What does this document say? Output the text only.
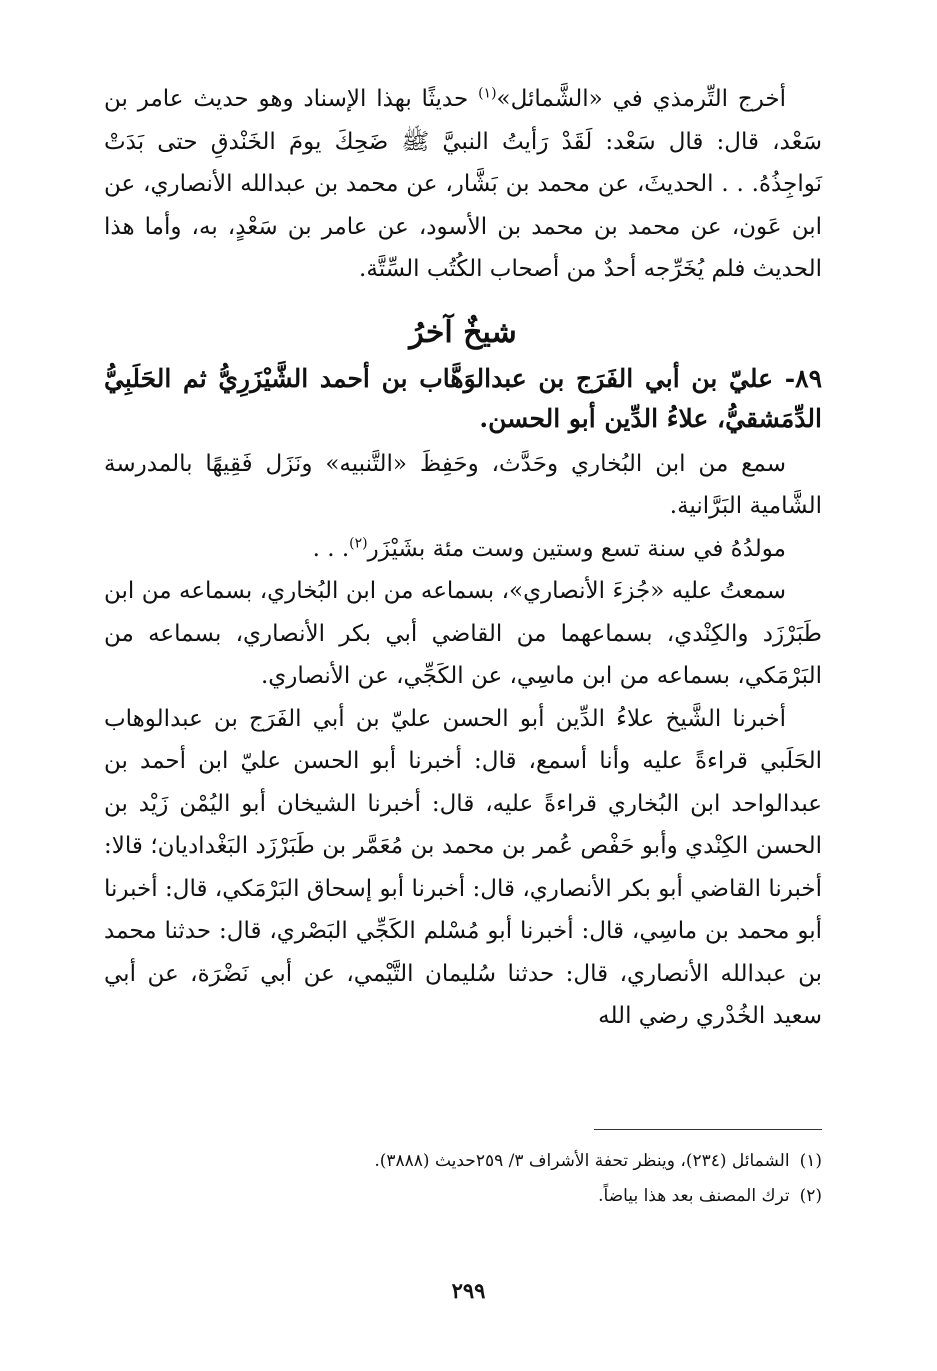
أخرج التِّرمذي في «الشَّمائل»$^{(١)}$ حديثًا بهذا الإسناد وهو حديث عامر بن سَعْد، قال: قال سَعْد: لَقَدْ رَأيتُ النبيَّ ﷺ ضَحِكَ يومَ الخَنْدقِ حتى بَدَتْ نَواجِذُهُ. . . الحديثَ، عن محمد بن بَشَّار، عن محمد بن عبدالله الأنصاري، عن ابن عَون، عن محمد بن محمد بن الأسود، عن عامر بن سَعْدٍ، به، وأما هذا الحديث فلم يُخَرِّجه أحدٌ من أصحاب الكُتُب السِّتَّة.

شيخٌ آخرُ
٨٩- عليّ بن أبي الفَرَج بن عبدالوَهَّاب بن أحمد الشَّيْزَرِيُّ ثم الحَلَبِيُّ الدِّمَشقيُّ، علاءُ الدِّين أبو الحسن.

سمع من ابن البُخاري وحَدَّث، وحَفِظَ «التَّنبيه» ونَزَل فَقِيهًا بالمدرسة الشَّامية البَرَّانية.

مولدُهُ في سنة تسع وستين وست مئة بشَيْزَر$^{(٢)}$. . .

سمعتُ عليه «جُزءَ الأنصاري»، بسماعه من ابن البُخاري، بسماعه من ابن طَبَرْزَد والكِنْدي، بسماعهما من القاضي أبي بكر الأنصاري، بسماعه من البَرْمَكي، بسماعه من ابن ماسِي، عن الكَجِّي، عن الأنصاري.

أخبرنا الشَّيخ علاءُ الدِّين أبو الحسن عليّ بن أبي الفَرَج بن عبدالوهاب الحَلَبي قراءةً عليه وأنا أسمع، قال: أخبرنا أبو الحسن عليّ ابن أحمد بن عبدالواحد ابن البُخاري قراءةً عليه، قال: أخبرنا الشيخان أبو اليُمْن زَيْد بن الحسن الكِنْدي وأبو حَفْص عُمر بن محمد بن مُعَمَّر بن طَبَرْزَد البَغْداديان؛ قالا: أخبرنا القاضي أبو بكر الأنصاري، قال: أخبرنا أبو إسحاق البَرْمَكي، قال: أخبرنا أبو محمد بن ماسِي، قال: أخبرنا أبو مُسْلم الكَجِّي البَصْري، قال: حدثنا محمد بن عبدالله الأنصاري، قال: حدثنا سُليمان التَّيْمي، عن أبي نَضْرَة، عن أبي سعيد الخُدْري رضي الله

(١)الشمائل (٢٣٤)، وينظر تحفة الأشراف ٣/ ٢٥٩حديث (٣٨٨٨).

(٢)ترك المصنف بعد هذا بياضاً.

٢٩٩
